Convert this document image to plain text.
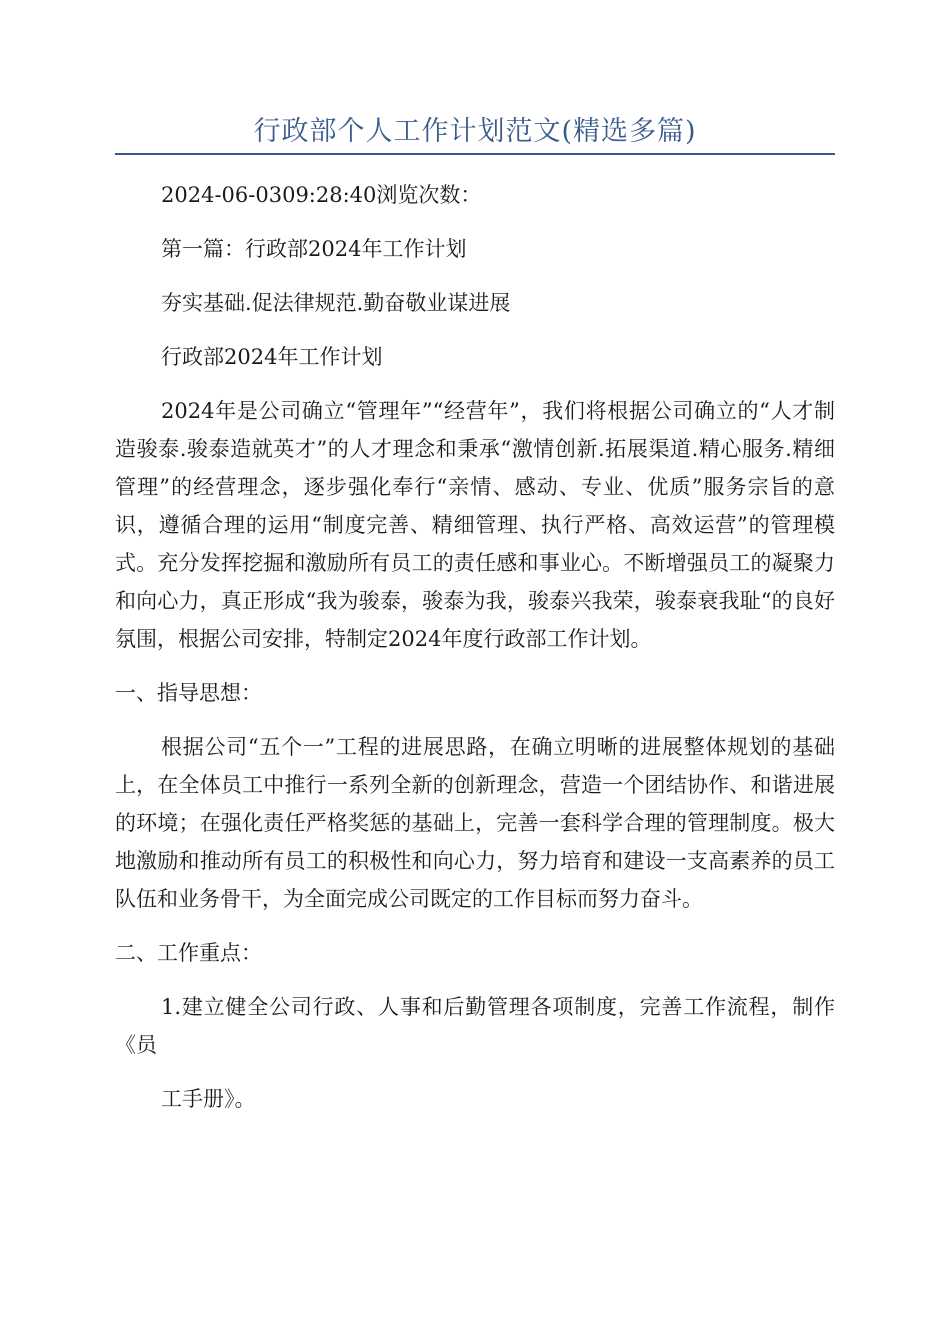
行政部个人工作计划范文(精选多篇)

2024-06-0309:28:40浏览次数：

第一篇：行政部2024年工作计划

夯实基础.促法律规范.勤奋敬业谋进展

行政部2024年工作计划

2024年是公司确立“管理年”“经营年”，我们将根据公司确立的“人才制造骏泰.骏泰造就英才”的人才理念和秉承“激情创新.拓展渠道.精心服务.精细管理”的经营理念，逐步强化奉行“亲情、感动、专业、优质”服务宗旨的意识，遵循合理的运用“制度完善、精细管理、执行严格、高效运营”的管理模式。充分发挥挖掘和激励所有员工的责任感和事业心。不断增强员工的凝聚力和向心力，真正形成“我为骏泰，骏泰为我，骏泰兴我荣，骏泰衰我耻“的良好氛围，根据公司安排，特制定2024年度行政部工作计划。

一、指导思想：

根据公司“五个一”工程的进展思路，在确立明晰的进展整体规划的基础上，在全体员工中推行一系列全新的创新理念，营造一个团结协作、和谐进展的环境；在强化责任严格奖惩的基础上，完善一套科学合理的管理制度。极大地激励和推动所有员工的积极性和向心力，努力培育和建设一支高素养的员工队伍和业务骨干，为全面完成公司既定的工作目标而努力奋斗。

二、工作重点：

1.建立健全公司行政、人事和后勤管理各项制度，完善工作流程，制作《员

工手册》。
